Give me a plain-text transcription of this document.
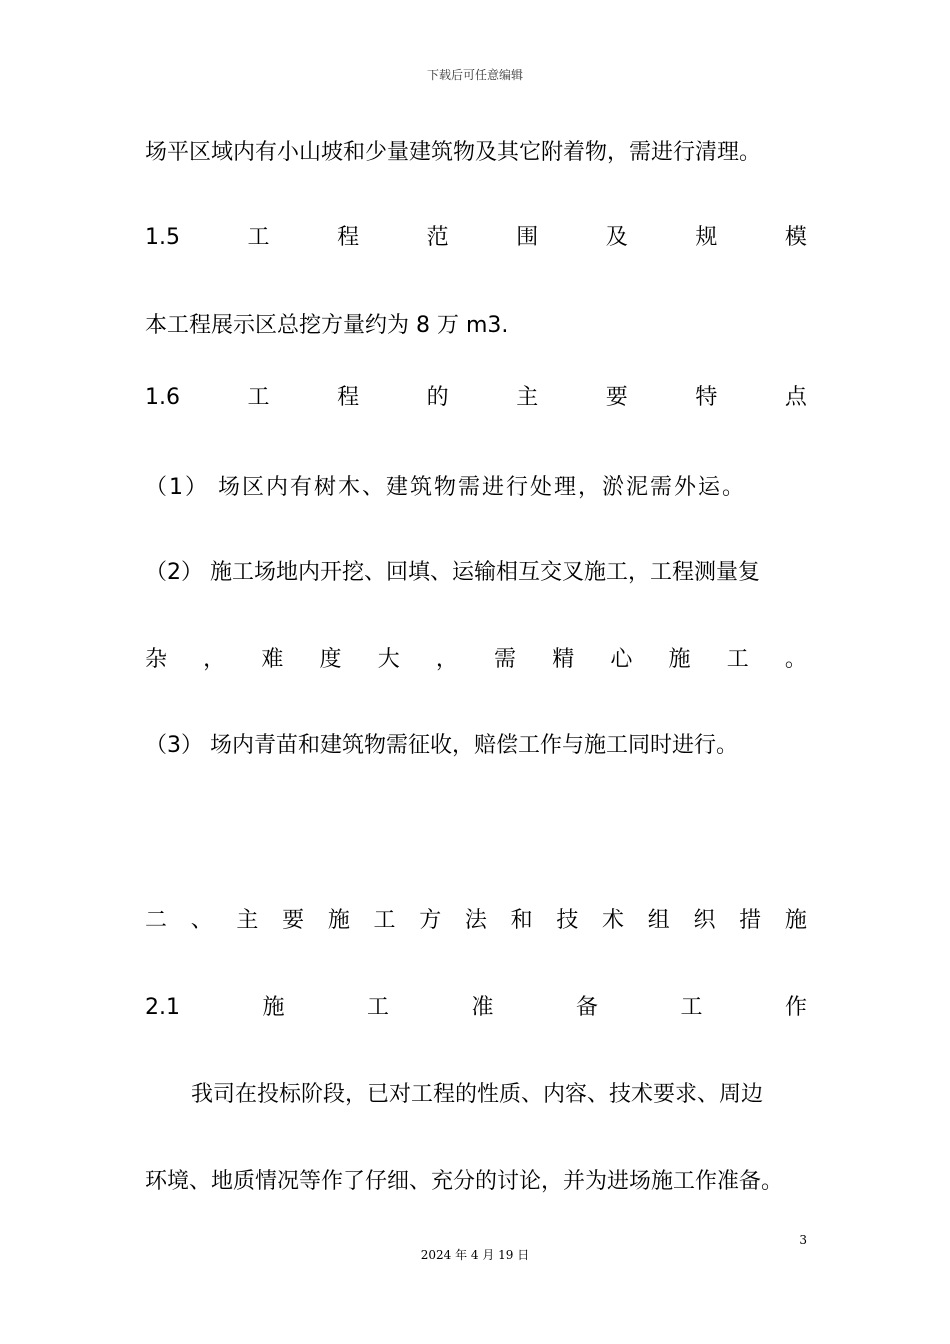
下载后可任意编辑
场平区域内有小山坡和少量建筑物及其它附着物，需进行清理。
1.5	工	程	范	围	及	规	模
本工程展示区总挖方量约为 8 万 m3.
1.6	工	程	的	主	要	特	点
（1） 场区内有树木、建筑物需进行处理，淤泥需外运。
（2） 施工场地内开挖、回填、运输相互交叉施工，工程测量复
杂 ， 难 度 大 ， 需 精 心 施 工 。
（3） 场内青苗和建筑物需征收，赔偿工作与施工同时进行。
二 、 主 要 施 工 方 法 和 技 术 组 织 措 施
2.1	施	工	准	备	工	作
我司在投标阶段，已对工程的性质、内容、技术要求、周边
环境、地质情况等作了仔细、充分的讨论，并为进场施工作准备。
3
2024 年 4 月 19 日
